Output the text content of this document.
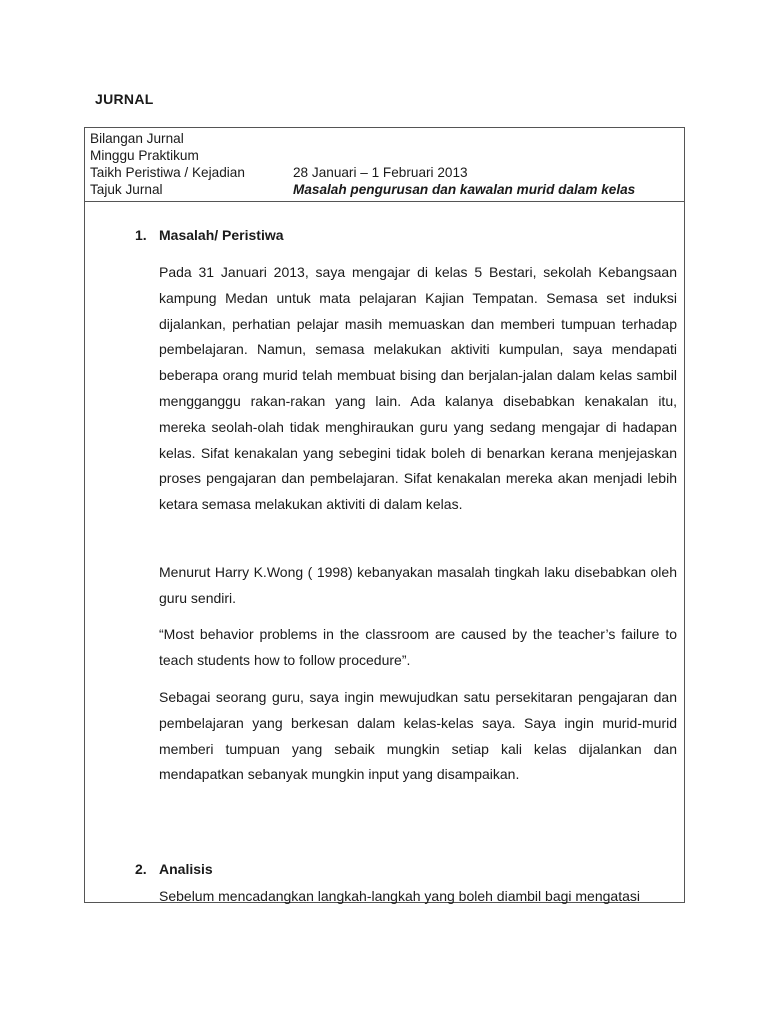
JURNAL
Bilangan Jurnal
Minggu Praktikum
Taikh Peristiwa / Kejadian	28 Januari – 1 Februari 2013
Tajuk Jurnal	Masalah pengurusan dan kawalan murid dalam kelas
1. Masalah/ Peristiwa

Pada 31 Januari 2013, saya mengajar di kelas 5 Bestari, sekolah Kebangsaan kampung Medan untuk mata pelajaran Kajian Tempatan. Semasa set induksi dijalankan, perhatian pelajar masih memuaskan dan memberi tumpuan terhadap pembelajaran. Namun, semasa melakukan aktiviti kumpulan, saya mendapati beberapa orang murid telah membuat bising dan berjalan-jalan dalam kelas sambil mengganggu rakan-rakan yang lain. Ada kalanya disebabkan kenakalan itu, mereka seolah-olah tidak menghiraukan guru yang sedang mengajar di hadapan kelas. Sifat kenakalan yang sebegini tidak boleh di benarkan kerana menjejaskan proses pengajaran dan pembelajaran. Sifat kenakalan mereka akan menjadi lebih ketara semasa melakukan aktiviti di dalam kelas.

Menurut Harry K.Wong ( 1998) kebanyakan masalah tingkah laku disebabkan oleh guru sendiri.

“Most behavior problems in the classroom are caused by the teacher’s failure to teach students how to follow procedure”.

Sebagai seorang guru, saya ingin mewujudkan satu persekitaran pengajaran dan pembelajaran yang berkesan dalam kelas-kelas saya. Saya ingin murid-murid memberi tumpuan yang sebaik mungkin setiap kali kelas dijalankan dan mendapatkan sebanyak mungkin input yang disampaikan.

2. Analisis

Sebelum mencadangkan langkah-langkah yang boleh diambil bagi mengatasi
